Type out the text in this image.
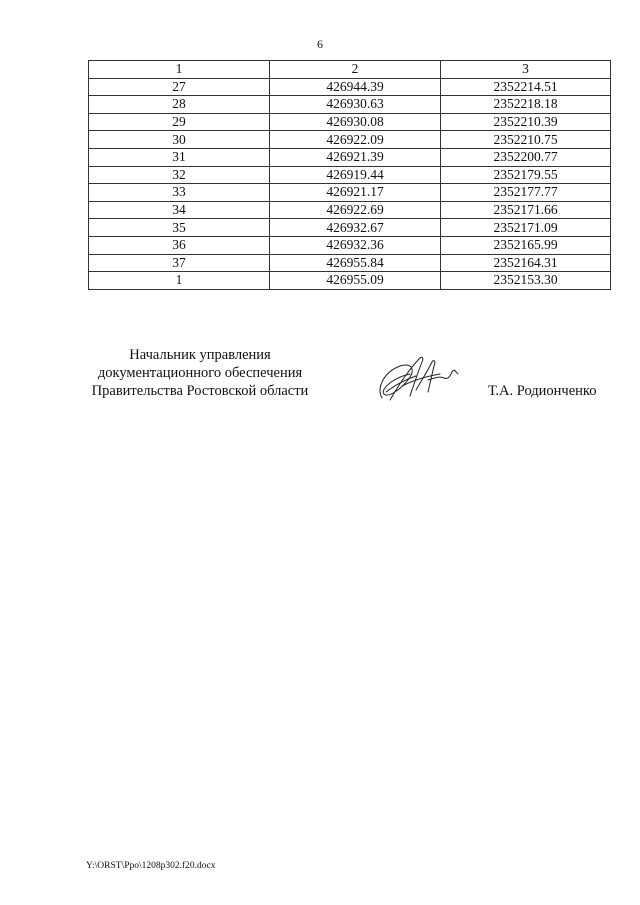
6
1	2	3
27	426944.39	2352214.51
28	426930.63	2352218.18
29	426930.08	2352210.39
30	426922.09	2352210.75
31	426921.39	2352200.77
32	426919.44	2352179.55
33	426921.17	2352177.77
34	426922.69	2352171.66
35	426932.67	2352171.09
36	426932.36	2352165.99
37	426955.84	2352164.31
1	426955.09	2352153.30
Начальник управления
документационного обеспечения
Правительства Ростовской области	Т.А. Родионченко
Y:\ORST\Ppo\1208p302.f20.docx
